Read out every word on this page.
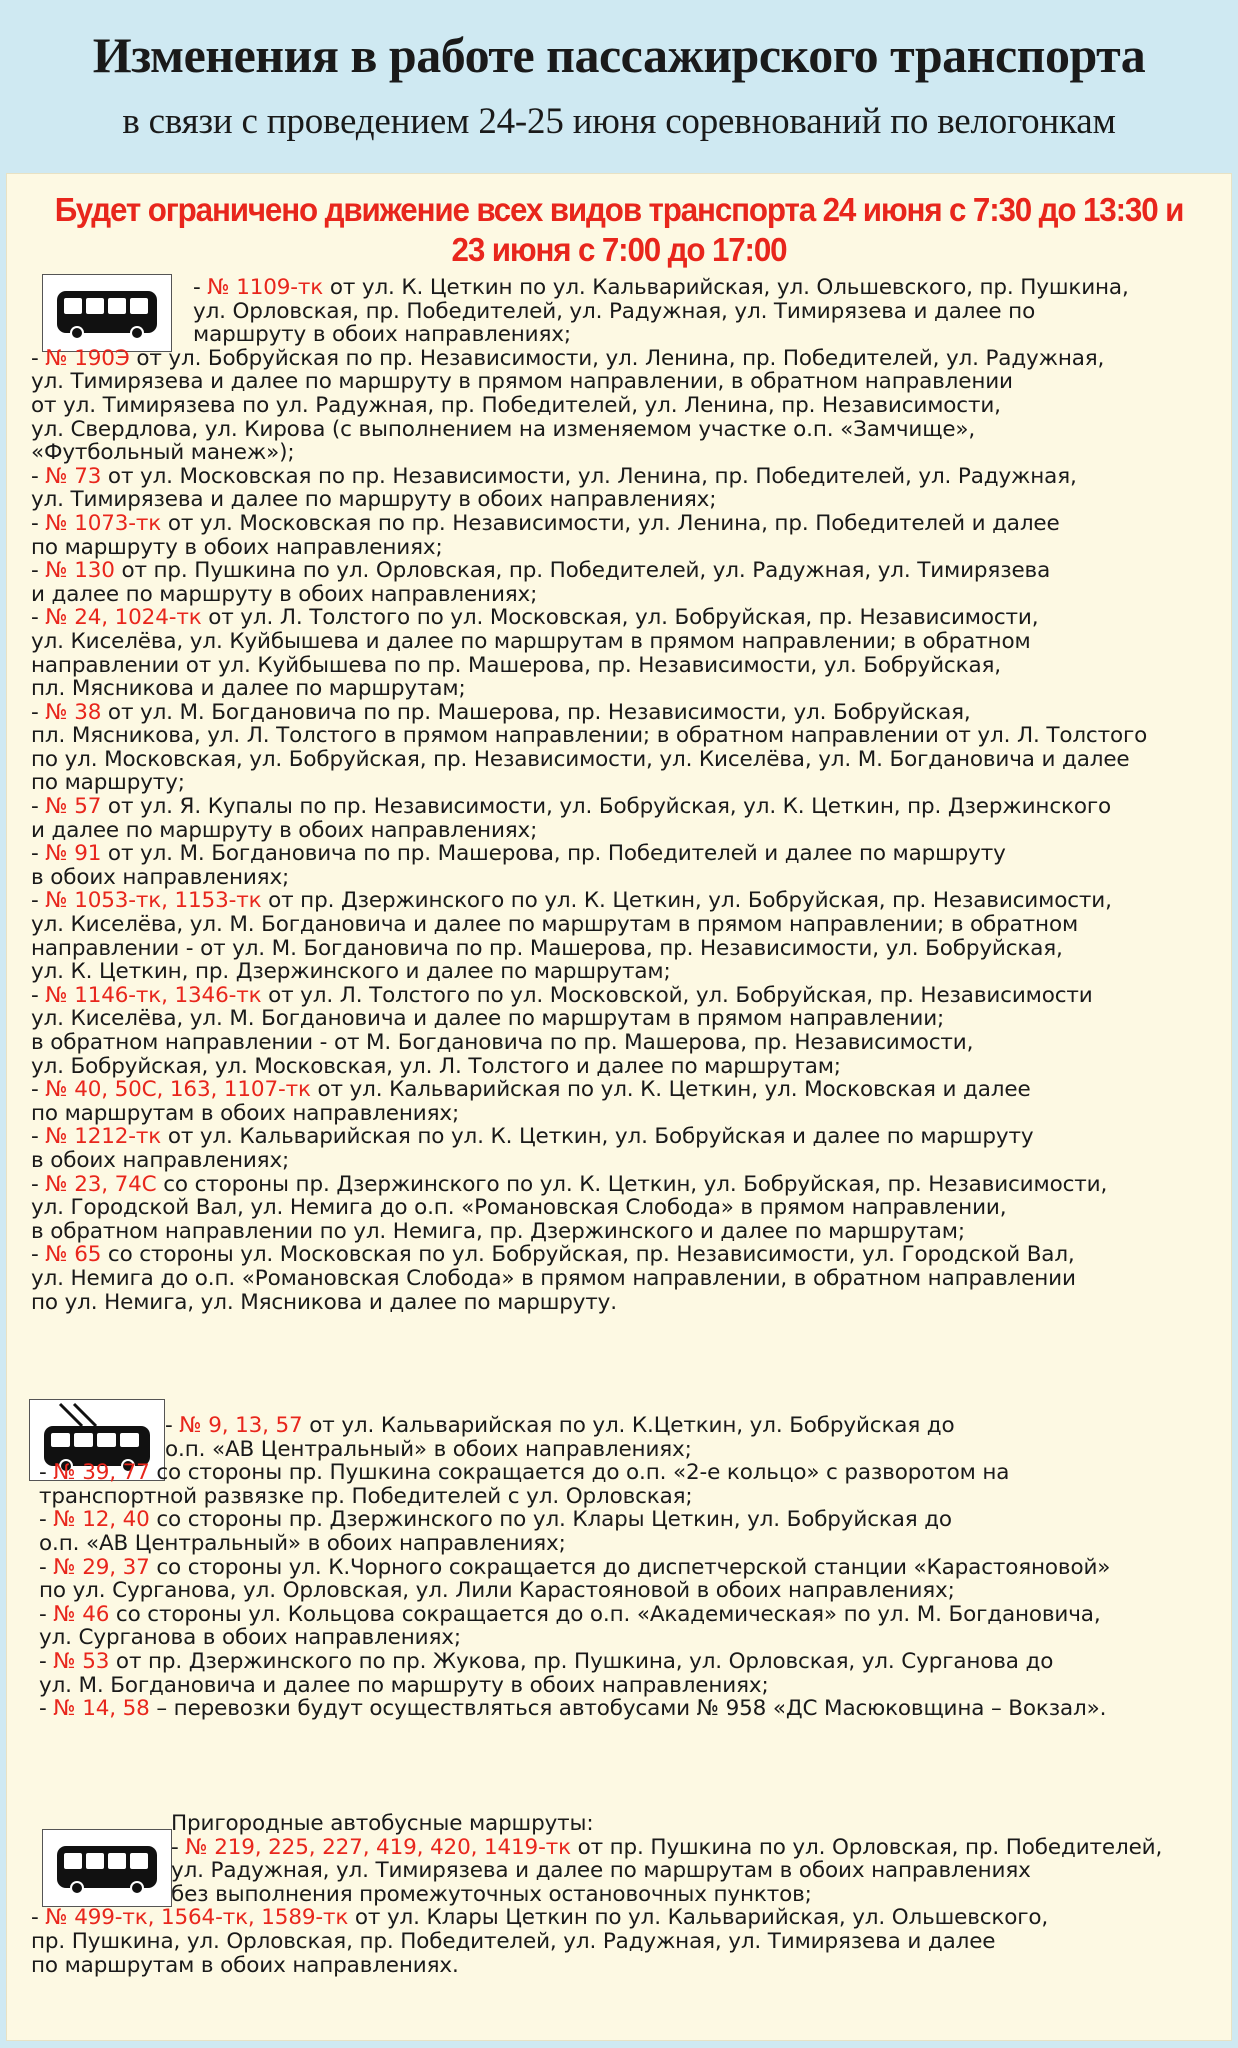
Изменения в работе пассажирского транспорта
в связи с проведением 24-25 июня соревнований по велогонкам
Будет ограничено движение всех видов транспорта 24 июня с 7:30 до 13:30 и 23 июня с 7:00 до 17:00
- № 1109-тк от ул. К. Цеткин по ул. Кальварийская, ул. Ольшевского, пр. Пушкина,
ул. Орловская, пр. Победителей, ул. Радужная, ул. Тимирязева и далее по
маршруту в обоих направлениях;
- № 190Э от ул. Бобруйская по пр. Независимости, ул. Ленина, пр. Победителей, ул. Радужная,
ул. Тимирязева и далее по маршруту в прямом направлении, в обратном направлении
от ул. Тимирязева по ул. Радужная, пр. Победителей, ул. Ленина, пр. Независимости,
ул. Свердлова, ул. Кирова (с выполнением на изменяемом участке о.п. «Замчище»,
«Футбольный манеж»);
- № 73 от ул. Московская по пр. Независимости, ул. Ленина, пр. Победителей, ул. Радужная,
ул. Тимирязева и далее по маршруту в обоих направлениях;
- № 1073-тк от ул. Московская по пр. Независимости, ул. Ленина, пр. Победителей и далее
по маршруту в обоих направлениях;
- № 130 от пр. Пушкина по ул. Орловская, пр. Победителей, ул. Радужная, ул. Тимирязева
и далее по маршруту в обоих направлениях;
- № 24, 1024-тк от ул. Л. Толстого по ул. Московская, ул. Бобруйская, пр. Независимости,
ул. Киселёва, ул. Куйбышева и далее по маршрутам в прямом направлении; в обратном
направлении от ул. Куйбышева по пр. Машерова, пр. Независимости, ул. Бобруйская,
пл. Мясникова и далее по маршрутам;
- № 38 от ул. М. Богдановича по пр. Машерова, пр. Независимости, ул. Бобруйская,
пл. Мясникова, ул. Л. Толстого в прямом направлении; в обратном направлении от ул. Л. Толстого
по ул. Московская, ул. Бобруйская, пр. Независимости, ул. Киселёва, ул. М. Богдановича и далее
по маршруту;
- № 57 от ул. Я. Купалы по пр. Независимости, ул. Бобруйская, ул. К. Цеткин, пр. Дзержинского
и далее по маршруту в обоих направлениях;
- № 91 от ул. М. Богдановича по пр. Машерова, пр. Победителей и далее по маршруту
в обоих направлениях;
- № 1053-тк, 1153-тк от пр. Дзержинского по ул. К. Цеткин, ул. Бобруйская, пр. Независимости,
ул. Киселёва, ул. М. Богдановича и далее по маршрутам в прямом направлении; в обратном
направлении - от ул. М. Богдановича по пр. Машерова, пр. Независимости, ул. Бобруйская,
ул. К. Цеткин, пр. Дзержинского и далее по маршрутам;
- № 1146-тк, 1346-тк от ул. Л. Толстого по ул. Московской, ул. Бобруйская, пр. Независимости
ул. Киселёва, ул. М. Богдановича и далее по маршрутам в прямом направлении;
в обратном направлении - от М. Богдановича по пр. Машерова, пр. Независимости,
ул. Бобруйская, ул. Московская, ул. Л. Толстого и далее по маршрутам;
- № 40, 50С, 163, 1107-тк от ул. Кальварийская по ул. К. Цеткин, ул. Московская и далее
по маршрутам в обоих направлениях;
- № 1212-тк от ул. Кальварийская по ул. К. Цеткин, ул. Бобруйская и далее по маршруту
в обоих направлениях;
- № 23, 74С со стороны пр. Дзержинского по ул. К. Цеткин, ул. Бобруйская, пр. Независимости,
ул. Городской Вал, ул. Немига до о.п. «Романовская Слобода» в прямом направлении,
в обратном направлении по ул. Немига, пр. Дзержинского и далее по маршрутам;
- № 65 со стороны ул. Московская по ул. Бобруйская, пр. Независимости, ул. Городской Вал,
ул. Немига до о.п. «Романовская Слобода» в прямом направлении, в обратном направлении
по ул. Немига, ул. Мясникова и далее по маршруту.
- № 9, 13, 57 от ул. Кальварийская по ул. К.Цеткин, ул. Бобруйская до
о.п. «АВ Центральный» в обоих направлениях;
- № 39, 77 со стороны пр. Пушкина сокращается до о.п. «2-е кольцо» с разворотом на
транспортной развязке пр. Победителей с ул. Орловская;
- № 12, 40 со стороны пр. Дзержинского по ул. Клары Цеткин, ул. Бобруйская до
о.п. «АВ Центральный» в обоих направлениях;
- № 29, 37 со стороны ул. К.Чорного сокращается до диспетчерской станции «Карастояновой»
по ул. Сурганова, ул. Орловская, ул. Лили Карастояновой в обоих направлениях;
- № 46 со стороны ул. Кольцова сокращается до о.п. «Академическая» по ул. М. Богдановича,
ул. Сурганова в обоих направлениях;
- № 53 от пр. Дзержинского по пр. Жукова, пр. Пушкина, ул. Орловская, ул. Сурганова до
ул. М. Богдановича и далее по маршруту в обоих направлениях;
- № 14, 58 – перевозки будут осуществляться автобусами № 958 «ДС Масюковщина – Вокзал».
Пригородные автобусные маршруты:
- № 219, 225, 227, 419, 420, 1419-тк от пр. Пушкина по ул. Орловская, пр. Победителей,
ул. Радужная, ул. Тимирязева и далее по маршрутам в обоих направлениях
без выполнения промежуточных остановочных пунктов;
- № 499-тк, 1564-тк, 1589-тк от ул. Клары Цеткин по ул. Кальварийская, ул. Ольшевского,
пр. Пушкина, ул. Орловская, пр. Победителей, ул. Радужная, ул. Тимирязева и далее
по маршрутам в обоих направлениях.
